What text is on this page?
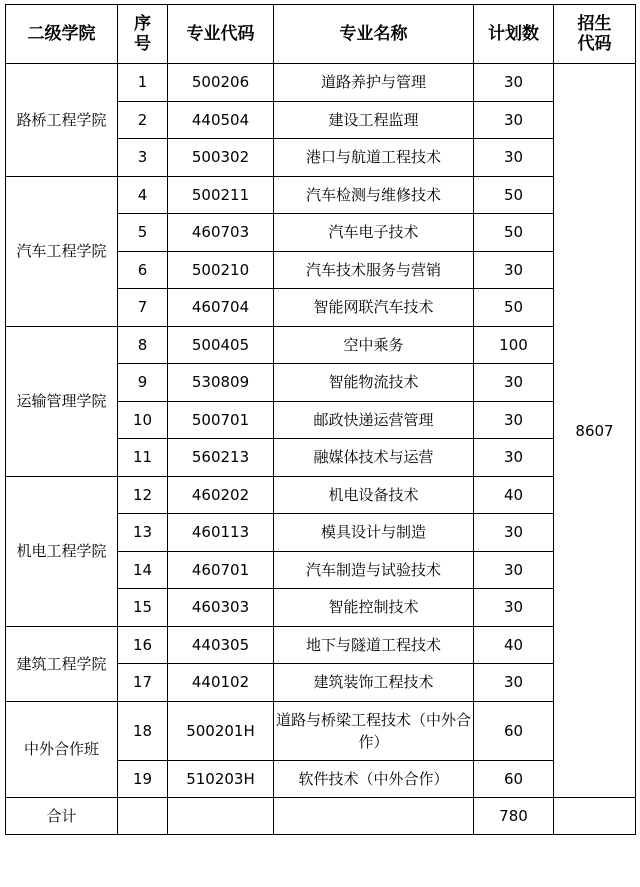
二级学院	序号	专业代码	专业名称	计划数	招生代码
路桥工程学院	1	500206	道路养护与管理	30	8607
	2	440504	建设工程监理	30	
	3	500302	港口与航道工程技术	30	
汽车工程学院	4	500211	汽车检测与维修技术	50	
	5	460703	汽车电子技术	50	
	6	500210	汽车技术服务与营销	30	
	7	460704	智能网联汽车技术	50	
运输管理学院	8	500405	空中乘务	100	
	9	530809	智能物流技术	30	
	10	500701	邮政快递运营管理	30	
	11	560213	融媒体技术与运营	30	
机电工程学院	12	460202	机电设备技术	40	
	13	460113	模具设计与制造	30	
	14	460701	汽车制造与试验技术	30	
	15	460303	智能控制技术	30	
建筑工程学院	16	440305	地下与隧道工程技术	40	
	17	440102	建筑装饰工程技术	30	
中外合作班	18	500201H	道路与桥梁工程技术（中外合作）	60	
	19	510203H	软件技术（中外合作）	60	
合计				780	
